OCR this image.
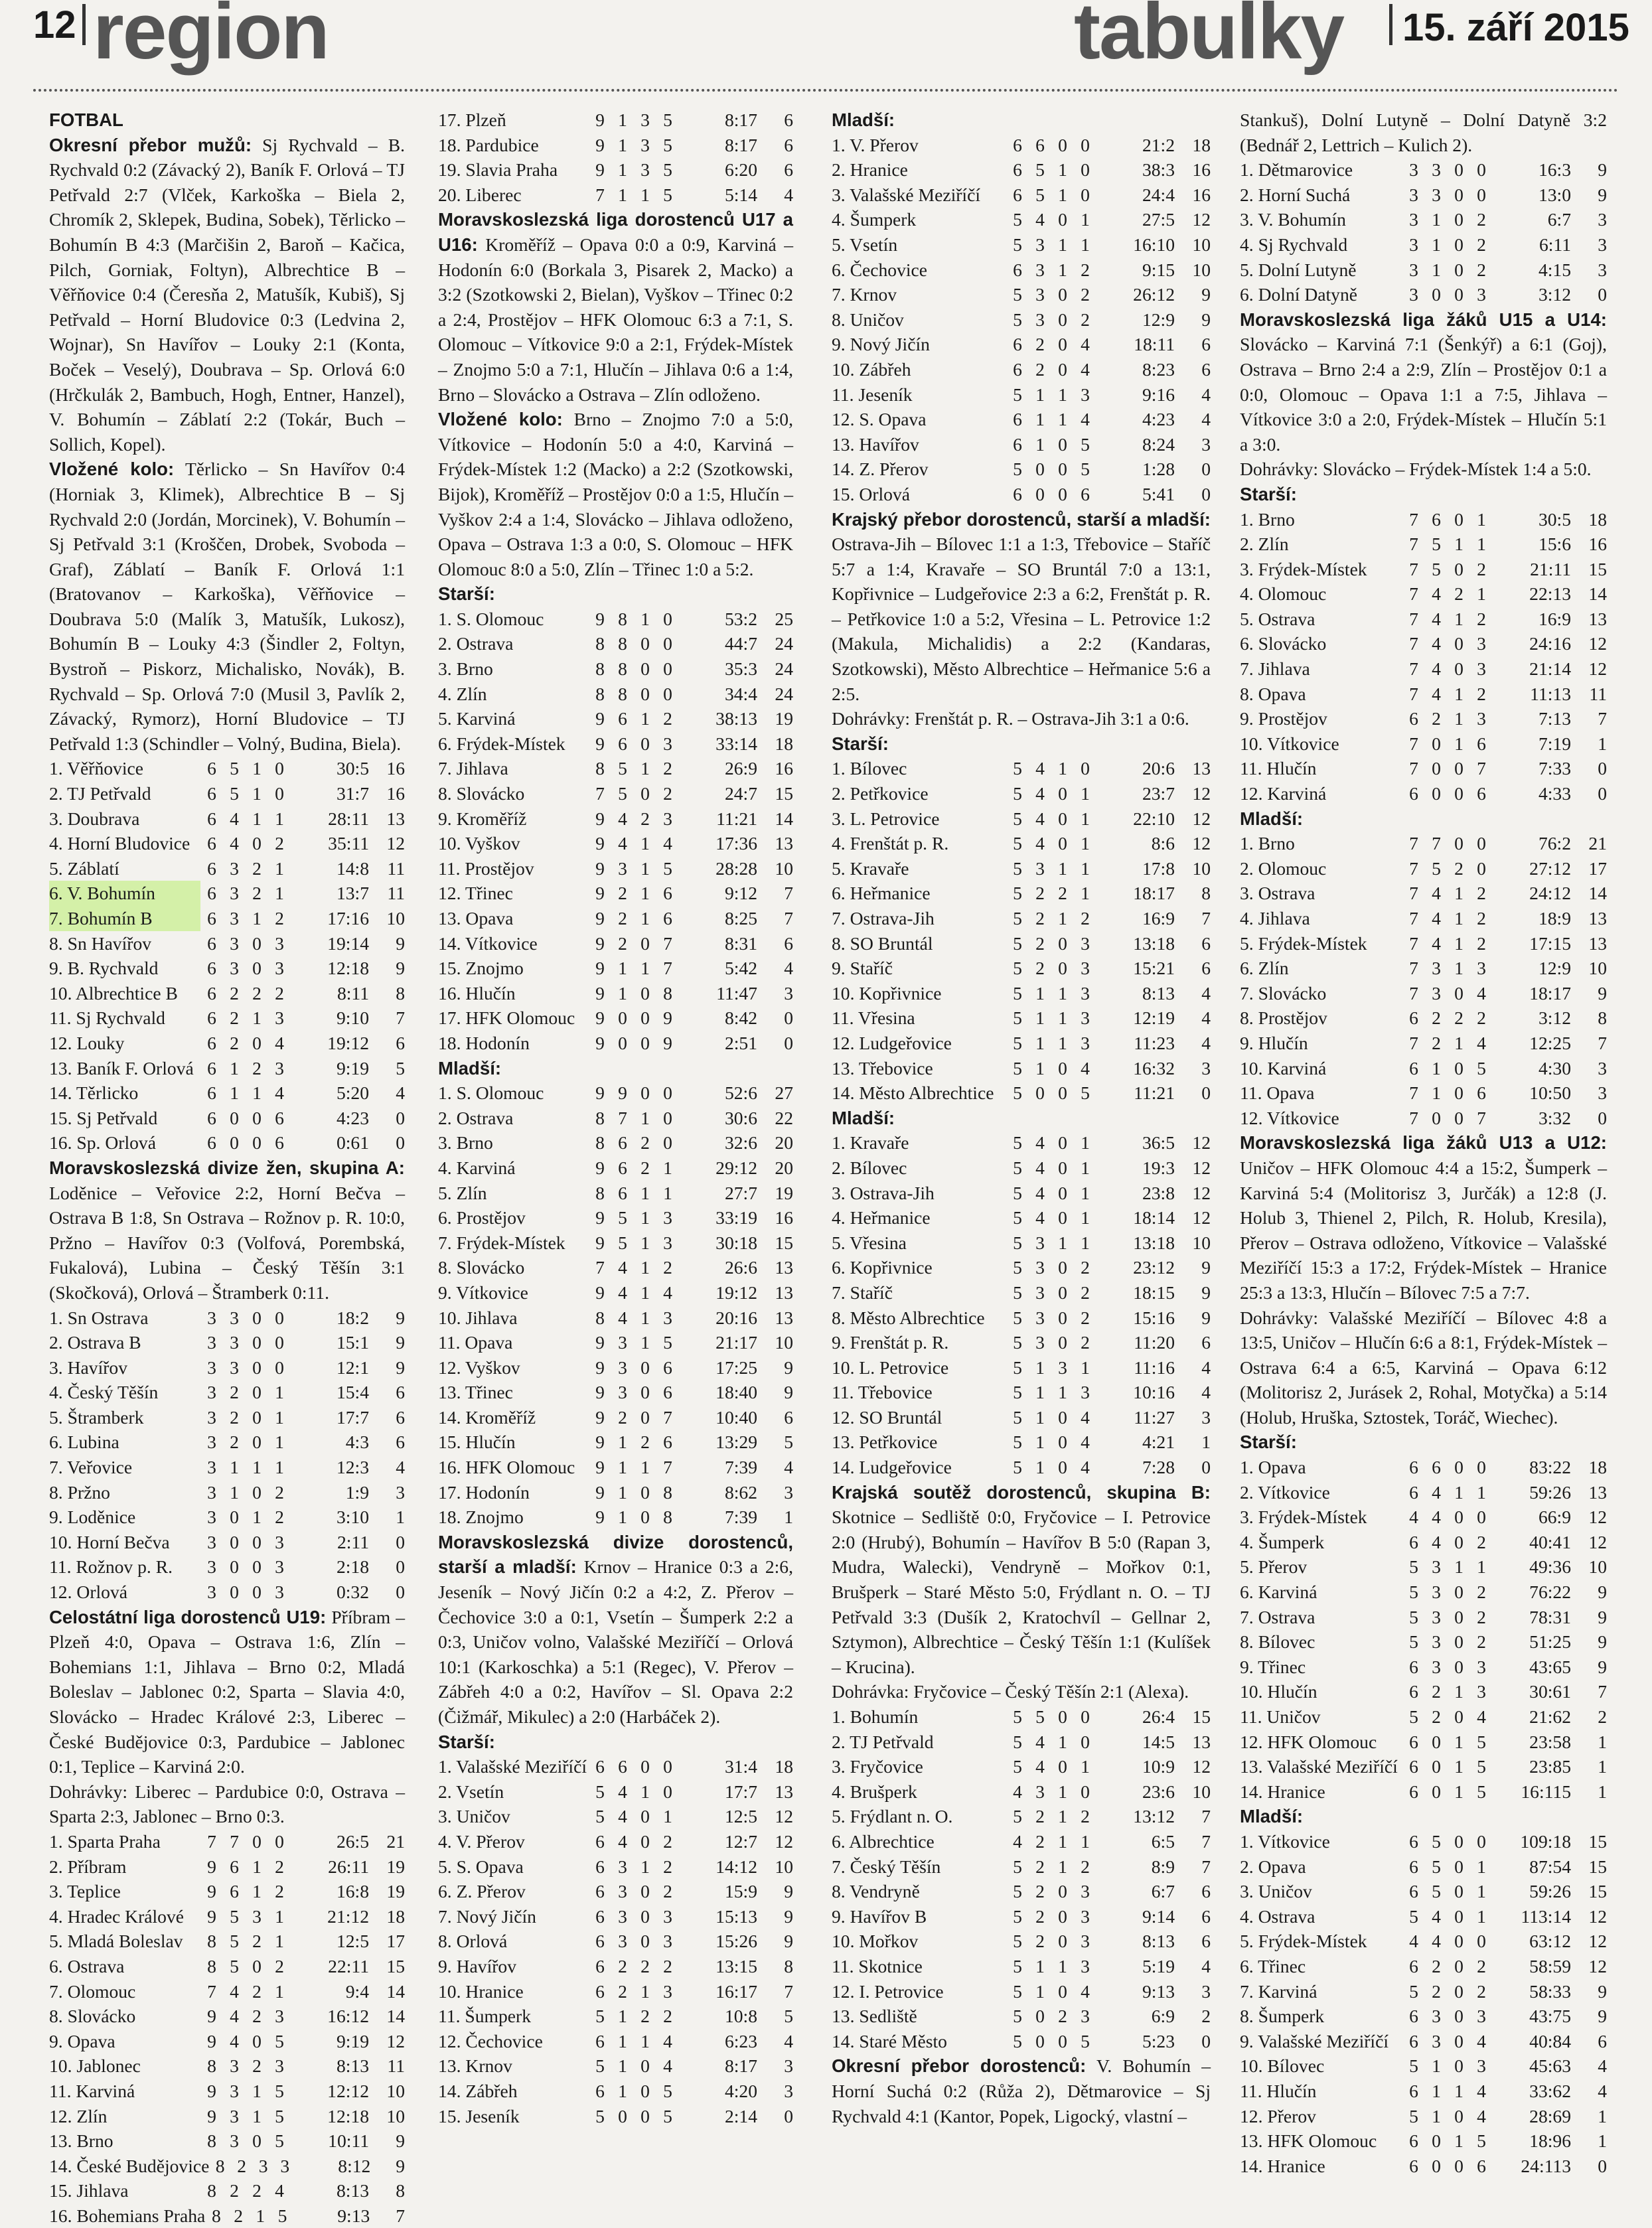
12 region	tabulky 15. září 2015

FOTBAL

Okresní přebor mužů: Sj Rychvald – B. Rychvald 0:2 (Závacký 2), Baník F. Orlová – TJ Petřvald 2:7 (Vlček, Karkoška – Biela 2, Chromík 2, Sklepek, Budina, Sobek), Těrlicko – Bohumín B 4:3 (Marčišin 2, Baroň – Kačica, Pilch, Gorniak, Foltyn), Albrechtice B – Věřňovice 0:4 (Čeresňa 2, Matušík, Kubiš), Sj Petřvald – Horní Bludovice 0:3 (Ledvina 2, Wojnar), Sn Havířov – Louky 2:1 (Konta, Boček – Veselý), Doubrava – Sp. Orlová 6:0 (Hrčkulák 2, Bambuch, Hogh, Entner, Hanzel), V. Bohumín – Záblatí 2:2 (Tokár, Buch – Sollich, Kopel).

Vložené kolo: Těrlicko – Sn Havířov 0:4 (Horniak 3, Klimek), Albrechtice B – Sj Rychvald 2:0 (Jordán, Morcinek), V. Bohumín – Sj Petřvald 3:1 (Kroščen, Drobek, Svoboda – Graf), Záblatí – Baník F. Orlová 1:1 (Bratovanov – Karkoška), Věřňovice – Doubrava 5:0 (Malík 3, Matušík, Lukosz), Bohumín B – Louky 4:3 (Šindler 2, Foltyn, Bystroň – Piskorz, Michalisko, Novák), B. Rychvald – Sp. Orlová 7:0 (Musil 3, Pavlík 2, Závacký, Rymorz), Horní Bludovice – TJ Petřvald 1:3 (Schindler – Volný, Budina, Biela).

1. Věřňovice	6 5 1 0	30:5 16
2. TJ Petřvald	6 5 1 0	31:7 16
3. Doubrava	6 4 1 1	28:11 13
4. Horní Bludovice 6 4 0 2	35:11 12
5. Záblatí	6 3 2 1	14:8 11
6. V. Bohumín	6 3 2 1	13:7 11
7. Bohumín B	6 3 1 2	17:16 10
8. Sn Havířov	6 3 0 3	19:14	9
9. B. Rychvald	6 3 0 3	12:18	9
10. Albrechtice B	6 2 2 2	8:11	8
11. Sj Rychvald	6 2 1 3	9:10	7
12. Louky	6 2 0 4	19:12	6
13. Baník F. Orlová 6 1 2 3	9:19	5
14. Těrlicko	6 1 1 4	5:20	4
15. Sj Petřvald	6 0 0 6	4:23	0
16. Sp. Orlová	6 0 0 6	0:61	0

Moravskoslezská divize žen, skupina A: Loděnice – Veřovice 2:2, Horní Bečva – Ostrava B 1:8, Sn Ostrava – Rožnov p. R. 10:0, Pržno – Havířov 0:3 (Volfová, Porembská, Fukalová), Lubina – Český Těšín 3:1 (Skočková), Orlová – Štramberk 0:11.

1. Sn Ostrava	3 3 0 0	18:2	9
2. Ostrava B	3 3 0 0	15:1	9
3. Havířov	3 3 0 0	12:1	9
4. Český Těšín	3 2 0 1	15:4	6
5. Štramberk	3 2 0 1	17:7	6
6. Lubina	3 2 0 1	4:3	6
7. Veřovice	3 1 1 1	12:3	4
8. Pržno	3 1 0 2	1:9	3
9. Loděnice	3 0 1 2	3:10	1
10. Horní Bečva	3 0 0 3	2:11	0
11. Rožnov p. R.	3 0 0 3	2:18	0
12. Orlová	3 0 0 3	0:32	0

Celostátní liga dorostenců U19: Příbram – Plzeň 4:0, Opava – Ostrava 1:6, Zlín – Bohemians 1:1, Jihlava – Brno 0:2, Mladá Boleslav – Jablonec 0:2, Sparta – Slavia 4:0, Slovácko – Hradec Králové 2:3, Liberec – České Budějovice 0:3, Pardubice – Jablonec 0:1, Teplice – Karviná 2:0.

Dohrávky: Liberec – Pardubice 0:0, Ostrava – Sparta 2:3, Jablonec – Brno 0:3.

1. Sparta Praha	7 7 0 0	26:5 21
2. Příbram	9 6 1 2	26:11 19
3. Teplice	9 6 1 2	16:8 19
4. Hradec Králové	9 5 3 1	21:12 18
5. Mladá Boleslav	8 5 2 1	12:5 17
6. Ostrava	8 5 0 2	22:11 15
7. Olomouc	7 4 2 1	9:4 14
8. Slovácko	9 4 2 3	16:12 14
9. Opava	9 4 0 5	9:19 12
10. Jablonec	8 3 2 3	8:13 11
11. Karviná	9 3 1 5	12:12 10
12. Zlín	9 3 1 5	12:18 10
13. Brno	8 3 0 5	10:11	9
14. České Budějovice 8 2 3 3	8:12	9
15. Jihlava	8 2 2 4	8:13	8
16. Bohemians Praha 8 2 1 5	9:13	7
17. Plzeň	9 1 3 5	8:17	6
18. Pardubice	9 1 3 5	8:17	6
19. Slavia Praha	9 1 3 5	6:20	6
20. Liberec	7 1 1 5	5:14	4

Moravskoslezská liga dorostenců U17 a U16: Kroměříž – Opava 0:0 a 0:9, Karviná – Hodonín 6:0 (Borkala 3, Pisarek 2, Macko) a 3:2 (Szotkowski 2, Bielan), Vyškov – Třinec 0:2 a 2:4, Prostějov – HFK Olomouc 6:3 a 7:1, S. Olomouc – Vítkovice 9:0 a 2:1, Frýdek-Místek – Znojmo 5:0 a 7:1, Hlučín – Jihlava 0:6 a 1:4, Brno – Slovácko a Ostrava – Zlín odloženo.

Vložené kolo: Brno – Znojmo 7:0 a 5:0, Vítkovice – Hodonín 5:0 a 4:0, Karviná – Frýdek-Místek 1:2 (Macko) a 2:2 (Szotkowski, Bijok), Kroměříž – Prostějov 0:0 a 1:5, Hlučín – Vyškov 2:4 a 1:4, Slovácko – Jihlava odloženo, Opava – Ostrava 1:3 a 0:0, S. Olomouc – HFK Olomouc 8:0 a 5:0, Zlín – Třinec 1:0 a 5:2.

Starší:
1. S. Olomouc	9 8 1 0	53:2 25
2. Ostrava	8 8 0 0	44:7 24
3. Brno	8 8 0 0	35:3 24
4. Zlín	8 8 0 0	34:4 24
5. Karviná	9 6 1 2	38:13 19
6. Frýdek-Místek	9 6 0 3	33:14 18
7. Jihlava	8 5 1 2	26:9 16
8. Slovácko	7 5 0 2	24:7 15
9. Kroměříž	9 4 2 3	11:21 14
10. Vyškov	9 4 1 4	17:36 13
11. Prostějov	9 3 1 5	28:28 10
12. Třinec	9 2 1 6	9:12	7
13. Opava	9 2 1 6	8:25	7
14. Vítkovice	9 2 0 7	8:31	6
15. Znojmo	9 1 1 7	5:42	4
16. Hlučín	9 1 0 8	11:47	3
17. HFK Olomouc	9 0 0 9	8:42	0
18. Hodonín	9 0 0 9	2:51	0
Mladší:
1. S. Olomouc	9 9 0 0	52:6 27
2. Ostrava	8 7 1 0	30:6 22
3. Brno	8 6 2 0	32:6 20
4. Karviná	9 6 2 1	29:12 20
5. Zlín	8 6 1 1	27:7 19
6. Prostějov	9 5 1 3	33:19 16
7. Frýdek-Místek	9 5 1 3	30:18 15
8. Slovácko	7 4 1 2	26:6 13
9. Vítkovice	9 4 1 4	19:12 13
10. Jihlava	8 4 1 3	20:16 13
11. Opava	9 3 1 5	21:17 10
12. Vyškov	9 3 0 6	17:25	9
13. Třinec	9 3 0 6	18:40	9
14. Kroměříž	9 2 0 7	10:40	6
15. Hlučín	9 1 2 6	13:29	5
16. HFK Olomouc	9 1 1 7	7:39	4
17. Hodonín	9 1 0 8	8:62	3
18. Znojmo	9 1 0 8	7:39	1

Moravskoslezská divize dorostenců, starší a mladší: Krnov – Hranice 0:3 a 2:6, Jeseník – Nový Jičín 0:2 a 4:2, Z. Přerov – Čechovice 3:0 a 0:1, Vsetín – Šumperk 2:2 a 0:3, Uničov volno, Valašské Meziříčí – Orlová 10:1 (Karkoschka) a 5:1 (Regec), V. Přerov – Zábřeh 4:0 a 0:2, Havířov – Sl. Opava 2:2 (Čižmář, Mikulec) a 2:0 (Harbáček 2).

Starší:
1. Valašské Meziříčí 6 6 0 0	31:4 18
2. Vsetín	5 4 1 0	17:7 13
3. Uničov	5 4 0 1	12:5 12
4. V. Přerov	6 4 0 2	12:7 12
5. S. Opava	6 3 1 2	14:12 10
6. Z. Přerov	6 3 0 2	15:9	9
7. Nový Jičín	6 3 0 3	15:13	9
8. Orlová	6 3 0 3	15:26	9
9. Havířov	6 2 2 2	13:15	8
10. Hranice	6 2 1 3	16:17	7
11. Šumperk	5 1 2 2	10:8	5
12. Čechovice	6 1 1 4	6:23	4
13. Krnov	5 1 0 4	8:17	3
14. Zábřeh	6 1 0 5	4:20	3
15. Jeseník	5 0 0 5	2:14	0
Mladší:
1. V. Přerov	6 6 0 0	21:2 18
2. Hranice	6 5 1 0	38:3 16
3. Valašské Meziříčí	6 5 1 0	24:4 16
4. Šumperk	5 4 0 1	27:5 12
5. Vsetín	5 3 1 1	16:10 10
6. Čechovice	6 3 1 2	9:15 10
7. Krnov	5 3 0 2	26:12	9
8. Uničov	5 3 0 2	12:9	9
9. Nový Jičín	6 2 0 4	18:11	6
10. Zábřeh	6 2 0 4	8:23	6
11. Jeseník	5 1 1 3	9:16	4
12. S. Opava	6 1 1 4	4:23	4
13. Havířov	6 1 0 5	8:24	3
14. Z. Přerov	5 0 0 5	1:28	0
15. Orlová	6 0 0 6	5:41	0

Krajský přebor dorostenců, starší a mladší: Ostrava-Jih – Bílovec 1:1 a 1:3, Třebovice – Staříč 5:7 a 1:4, Kravaře – SO Bruntál 7:0 a 13:1, Kopřivnice – Ludgeřovice 2:3 a 6:2, Frenštát p. R. – Petřkovice 1:0 a 5:2, Vřesina – L. Petrovice 1:2 (Makula, Michalidis) a 2:2 (Kandaras, Szotkowski), Město Albrechtice – Heřmanice 5:6 a 2:5.

Dohrávky: Frenštát p. R. – Ostrava-Jih 3:1 a 0:6.

Starší:
1. Bílovec	5 4 1 0	20:6 13
2. Petřkovice	5 4 0 1	23:7 12
3. L. Petrovice	5 4 0 1	22:10 12
4. Frenštát p. R.	5 4 0 1	8:6 12
5. Kravaře	5 3 1 1	17:8 10
6. Heřmanice	5 2 2 1	18:17	8
7. Ostrava-Jih	5 2 1 2	16:9	7
8. SO Bruntál	5 2 0 3	13:18	6
9. Staříč	5 2 0 3	15:21	6
10. Kopřivnice	5 1 1 3	8:13	4
11. Vřesina	5 1 1 3	12:19	4
12. Ludgeřovice	5 1 1 3	11:23	4
13. Třebovice	5 1 0 4	16:32	3
14. Město Albrechtice	5 0 0 5	11:21	0
Mladší:
1. Kravaře	5 4 0 1	36:5 12
2. Bílovec	5 4 0 1	19:3 12
3. Ostrava-Jih	5 4 0 1	23:8 12
4. Heřmanice	5 4 0 1	18:14 12
5. Vřesina	5 3 1 1	13:18 10
6. Kopřivnice	5 3 0 2	23:12	9
7. Staříč	5 3 0 2	18:15	9
8. Město Albrechtice	5 3 0 2	15:16	9
9. Frenštát p. R.	5 3 0 2	11:20	6
10. L. Petrovice	5 1 3 1	11:16	4
11. Třebovice	5 1 1 3	10:16	4
12. SO Bruntál	5 1 0 4	11:27	3
13. Petřkovice	5 1 0 4	4:21	1
14. Ludgeřovice	5 1 0 4	7:28	0

Krajská soutěž dorostenců, skupina B: Skotnice – Sedliště 0:0, Fryčovice – I. Petrovice 2:0 (Hrubý), Bohumín – Havířov B 5:0 (Rapan 3, Mudra, Walecki), Vendryně – Mořkov 0:1, Brušperk – Staré Město 5:0, Frýdlant n. O. – TJ Petřvald 3:3 (Dušík 2, Kratochvíl – Gellnar 2, Sztymon), Albrechtice – Český Těšín 1:1 (Kulíšek – Krucina).

Dohrávka: Fryčovice – Český Těšín 2:1 (Alexa).

1. Bohumín	5 5 0 0	26:4 15
2. TJ Petřvald	5 4 1 0	14:5 13
3. Fryčovice	5 4 0 1	10:9 12
4. Brušperk	4 3 1 0	23:6 10
5. Frýdlant n. O.	5 2 1 2	13:12	7
6. Albrechtice	4 2 1 1	6:5	7
7. Český Těšín	5 2 1 2	8:9	7
8. Vendryně	5 2 0 3	6:7	6
9. Havířov B	5 2 0 3	9:14	6
10. Mořkov	5 2 0 3	8:13	6
11. Skotnice	5 1 1 3	5:19	4
12. I. Petrovice	5 1 0 4	9:13	3
13. Sedliště	5 0 2 3	6:9	2
14. Staré Město	5 0 0 5	5:23	0

Okresní přebor dorostenců: V. Bohumín – Horní Suchá 0:2 (Růža 2), Dětmarovice – Sj Rychvald 4:1 (Kantor, Popek, Ligocký, vlastní –

Stankuš), Dolní Lutyně – Dolní Datyně 3:2 (Bednář 2, Lettrich – Kulich 2).

1. Dětmarovice	3 3 0 0	16:3	9
2. Horní Suchá	3 3 0 0	13:0	9
3. V. Bohumín	3 1 0 2	6:7	3
4. Sj Rychvald	3 1 0 2	6:11	3
5. Dolní Lutyně	3 1 0 2	4:15	3
6. Dolní Datyně	3 0 0 3	3:12	0

Moravskoslezská liga žáků U15 a U14: Slovácko – Karviná 7:1 (Šenkýř) a 6:1 (Goj), Ostrava – Brno 2:4 a 2:9, Zlín – Prostějov 0:1 a 0:0, Olomouc – Opava 1:1 a 7:5, Jihlava – Vítkovice 3:0 a 2:0, Frýdek-Místek – Hlučín 5:1 a 3:0.

Dohrávky: Slovácko – Frýdek-Místek 1:4 a 5:0.

Starší:
1. Brno	7 6 0 1	30:5 18
2. Zlín	7 5 1 1	15:6 16
3. Frýdek-Místek	7 5 0 2	21:11 15
4. Olomouc	7 4 2 1	22:13 14
5. Ostrava	7 4 1 2	16:9 13
6. Slovácko	7 4 0 3	24:16 12
7. Jihlava	7 4 0 3	21:14 12
8. Opava	7 4 1 2	11:13 11
9. Prostějov	6 2 1 3	7:13	7
10. Vítkovice	7 0 1 6	7:19	1
11. Hlučín	7 0 0 7	7:33	0
12. Karviná	6 0 0 6	4:33	0
Mladší:
1. Brno	7 7 0 0	76:2 21
2. Olomouc	7 5 2 0	27:12 17
3. Ostrava	7 4 1 2	24:12 14
4. Jihlava	7 4 1 2	18:9 13
5. Frýdek-Místek	7 4 1 2	17:15 13
6. Zlín	7 3 1 3	12:9 10
7. Slovácko	7 3 0 4	18:17	9
8. Prostějov	6 2 2 2	3:12	8
9. Hlučín	7 2 1 4	12:25	7
10. Karviná	6 1 0 5	4:30	3
11. Opava	7 1 0 6	10:50	3
12. Vítkovice	7 0 0 7	3:32	0

Moravskoslezská liga žáků U13 a U12: Uničov – HFK Olomouc 4:4 a 15:2, Šumperk – Karviná 5:4 (Molitorisz 3, Jurčák) a 12:8 (J. Holub 3, Thienel 2, Pilch, R. Holub, Kresila), Přerov – Ostrava odloženo, Vítkovice – Valašské Meziříčí 15:3 a 17:2, Frýdek-Místek – Hranice 25:3 a 13:3, Hlučín – Bílovec 7:5 a 7:7.

Dohrávky: Valašské Meziříčí – Bílovec 4:8 a 13:5, Uničov – Hlučín 6:6 a 8:1, Frýdek-Místek – Ostrava 6:4 a 6:5, Karviná – Opava 6:12 (Molitorisz 2, Jurásek 2, Rohal, Motyčka) a 5:14 (Holub, Hruška, Sztostek, Toráč, Wiechec).

Starší:
1. Opava	6 6 0 0	83:22 18
2. Vítkovice	6 4 1 1	59:26 13
3. Frýdek-Místek	4 4 0 0	66:9 12
4. Šumperk	6 4 0 2	40:41 12
5. Přerov	5 3 1 1	49:36 10
6. Karviná	5 3 0 2	76:22	9
7. Ostrava	5 3 0 2	78:31	9
8. Bílovec	5 3 0 2	51:25	9
9. Třinec	6 3 0 3	43:65	9
10. Hlučín	6 2 1 3	30:61	7
11. Uničov	5 2 0 4	21:62	2
12. HFK Olomouc	6 0 1 5	23:58	1
13. Valašské Meziříčí 6 0 1 5	23:85	1
14. Hranice	6 0 1 5	16:115	1
Mladší:
1. Vítkovice	6 5 0 0	109:18 15
2. Opava	6 5 0 1	87:54 15
3. Uničov	6 5 0 1	59:26 15
4. Ostrava	5 4 0 1	113:14 12
5. Frýdek-Místek	4 4 0 0	63:12 12
6. Třinec	6 2 0 2	58:59 12
7. Karviná	5 2 0 2	58:33	9
8. Šumperk	6 3 0 3	43:75	9
9. Valašské Meziříčí	6 3 0 4	40:84	6
10. Bílovec	5 1 0 3	45:63	4
11. Hlučín	6 1 1 4	33:62	4
12. Přerov	5 1 0 4	28:69	1
13. HFK Olomouc	6 0 1 5	18:96	1
14. Hranice	6 0 0 6	24:113	0
